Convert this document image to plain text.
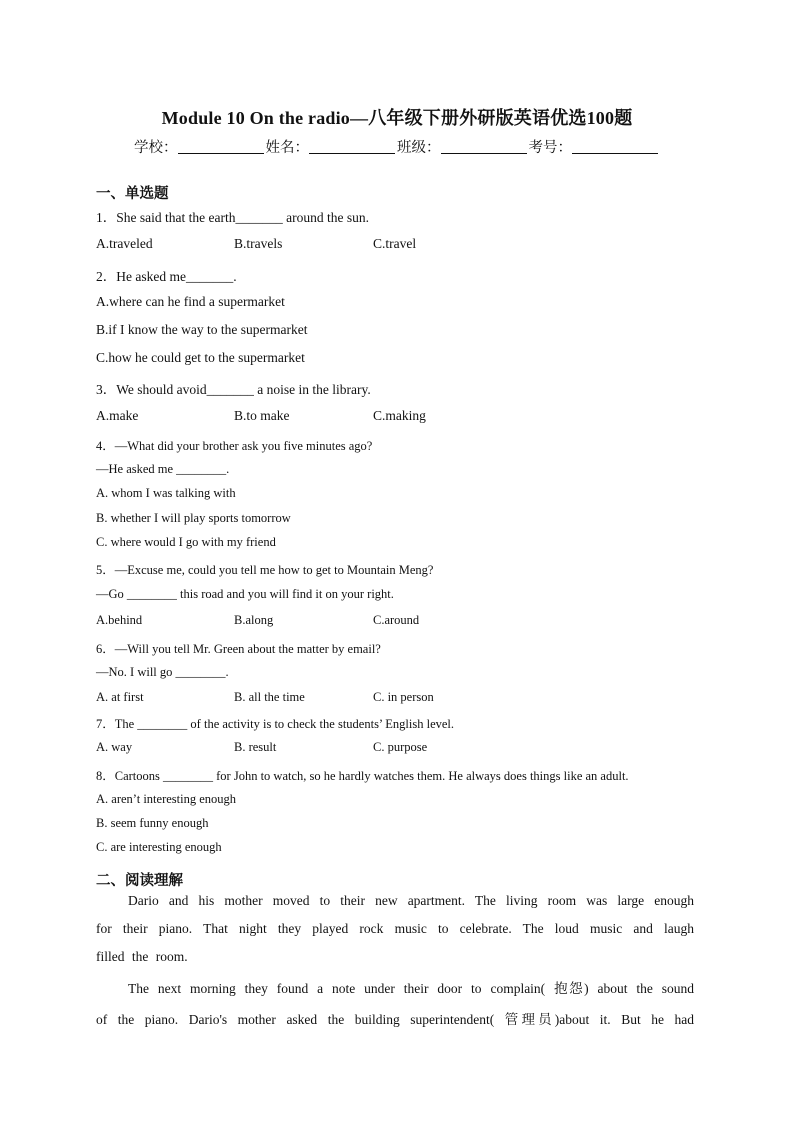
Module 10 On the radio—八年级下册外研版英语优选100题
学校：	姓名：	班级：	考号：
一、单选题
1．She said that the earth_______ around the sun.
A.traveled	B.travels	C.travel
2．He asked me_______.
A.where can he find a supermarket
B.if I know the way to the supermarket
C.how he could get to the supermarket
3．We should avoid_______ a noise in the library.
A.make	B.to make	C.making
4．—What did your brother ask you five minutes ago?
—He asked me ________.
A. whom I was talking with
B. whether I will play sports tomorrow
C. where would I go with my friend
5．—Excuse me, could you tell me how to get to Mountain Meng?
—Go ________ this road and you will find it on your right.
A.behind	B.along	C.around
6．—Will you tell Mr. Green about the matter by email?
—No. I will go ________.
A. at first	B. all the time	C. in person
7．The ________ of the activity is to check the students’ English level.
A. way	B. result	C. purpose
8．Cartoons ________ for John to watch, so he hardly watches them. He always does things like an adult.
A. aren’t interesting enough
B. seem funny enough
C. are interesting enough
二、阅读理解
Dario and his mother moved to their new apartment. The living room was large enough
for their piano. That night they played rock music to celebrate. The loud music and laugh
filled the room.
The next morning they found a note under their door to complain( 抱怨) about the sound
of the piano. Dario's mother asked the building superintendent( 管理员)about it. But he had
